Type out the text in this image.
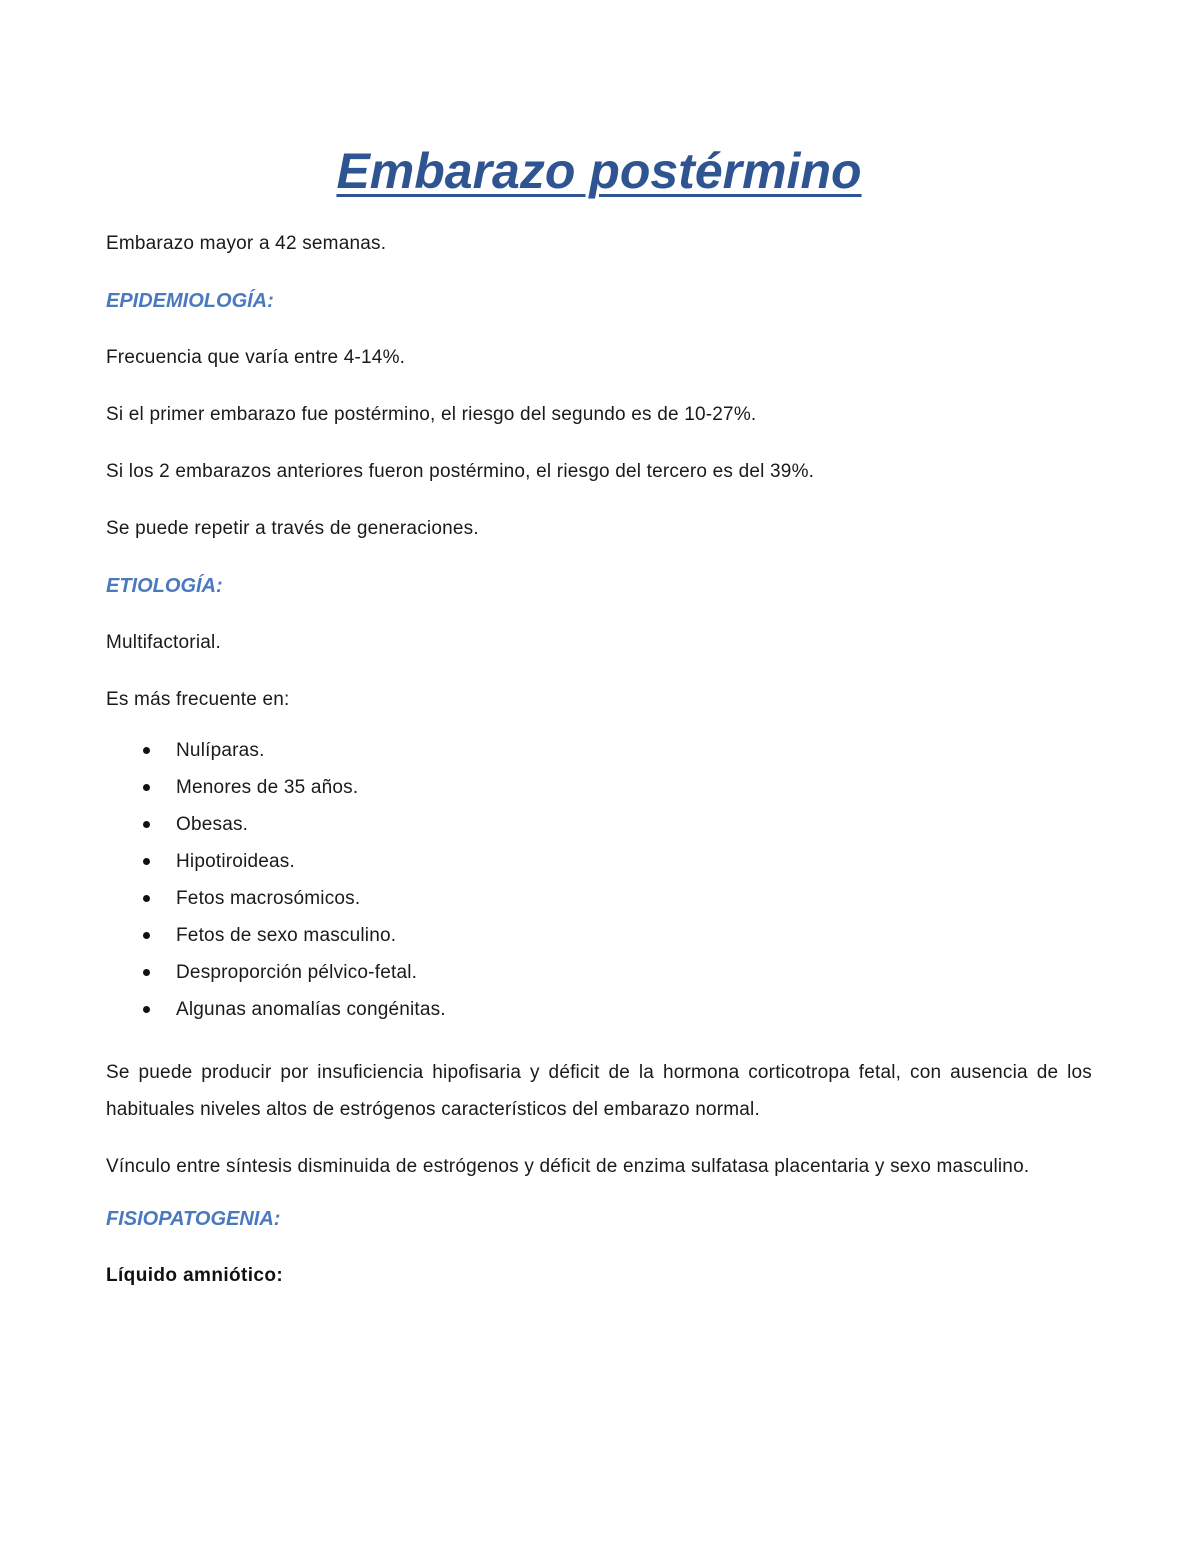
Embarazo postérmino

Embarazo mayor a 42 semanas.

EPIDEMIOLOGÍA:

Frecuencia que varía entre 4-14%.

Si el primer embarazo fue postérmino, el riesgo del segundo es de 10-27%.

Si los 2 embarazos anteriores fueron postérmino, el riesgo del tercero es del 39%.

Se puede repetir a través de generaciones.

ETIOLOGÍA:

Multifactorial.

Es más frecuente en:

Nulíparas.
Menores de 35 años.
Obesas.
Hipotiroideas.
Fetos macrosómicos.
Fetos de sexo masculino.
Desproporción pélvico-fetal.
Algunas anomalías congénitas.

Se puede producir por insuficiencia hipofisaria y déficit de la hormona corticotropa fetal, con ausencia de los habituales niveles altos de estrógenos característicos del embarazo normal.

Vínculo entre síntesis disminuida de estrógenos y déficit de enzima sulfatasa placentaria y sexo masculino.

FISIOPATOGENIA:

Líquido amniótico:
